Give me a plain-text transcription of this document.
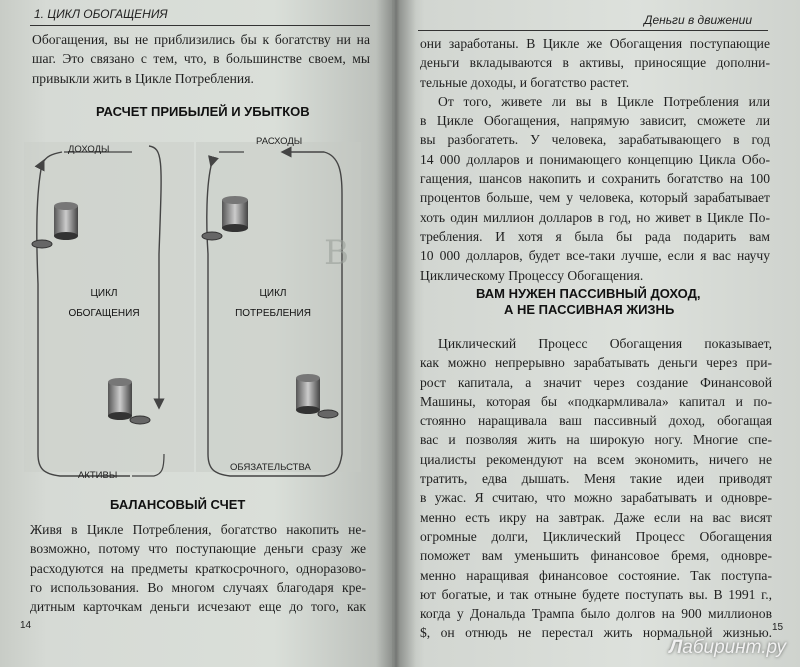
1. ЦИКЛ ОБОГАЩЕНИЯ
Обогащения, вы не приблизились бы к богатству ни на
шаг. Это связано с тем, что, в большинстве своем, мы
привыкли жить в Цикле Потребления.
РАСЧЕТ ПРИБЫЛЕЙ И УБЫТКОВ
В
ДОХОДЫ
РАСХОДЫ
ЦИКЛ
ОБОГАЩЕНИЯ
ЦИКЛ
ПОТРЕБЛЕНИЯ
АКТИВЫ
ОБЯЗАТЕЛЬСТВА
БАЛАНСОВЫЙ СЧЕТ
Живя в Цикле Потребления, богатство накопить не-
возможно, потому что поступающие деньги сразу же
расходуются на предметы краткосрочного, одноразово-
го использования. Во многом случаях благодаря кре-
дитным карточкам деньги исчезают еще до того, как
14
Деньги в движении
они заработаны. В Цикле же Обогащения поступающие
деньги вкладываются в активы, приносящие дополни-
тельные доходы, и богатство растет.
От того, живете ли вы в Цикле Потребления или
в Цикле Обогащения, напрямую зависит, сможете ли
вы разбогатеть. У человека, зарабатывающего в год
14 000 долларов и понимающего концепцию Цикла Обо-
гащения, шансов накопить и сохранить богатство на 100
процентов больше, чем у человека, который зарабатывает
хоть один миллион долларов в год, но живет в Цикле По-
требления. И хотя я была бы рада подарить вам
10 000 долларов, будет все-таки лучше, если я вас научу
Циклическому Процессу Обогащения.
ВАМ НУЖЕН ПАССИВНЫЙ ДОХОД,
А НЕ ПАССИВНАЯ ЖИЗНЬ
Циклический Процесс Обогащения показывает,
как можно непрерывно зарабатывать деньги через при-
рост капитала, а значит через создание Финансовой
Машины, которая бы «подкармливала» капитал и по-
стоянно наращивала ваш пассивный доход, обогащая
вас и позволяя жить на широкую ногу. Многие спе-
циалисты рекомендуют на всем экономить, ничего не
тратить, едва дышать. Меня такие идеи приводят
в ужас. Я считаю, что можно зарабатывать и одновре-
менно есть икру на завтрак. Даже если на вас висят
огромные долги, Циклический Процесс Обогащения
поможет вам уменьшить финансовое бремя, одновре-
менно наращивая финансовое состояние. Так поступа-
ют богатые, и так отныне будете поступать вы. В 1991 г.,
когда у Дональда Трампа было долгов на 900 миллионов
$, он отнюдь не перестал жить нормальной жизнью. 15
Лабиринт.ру
